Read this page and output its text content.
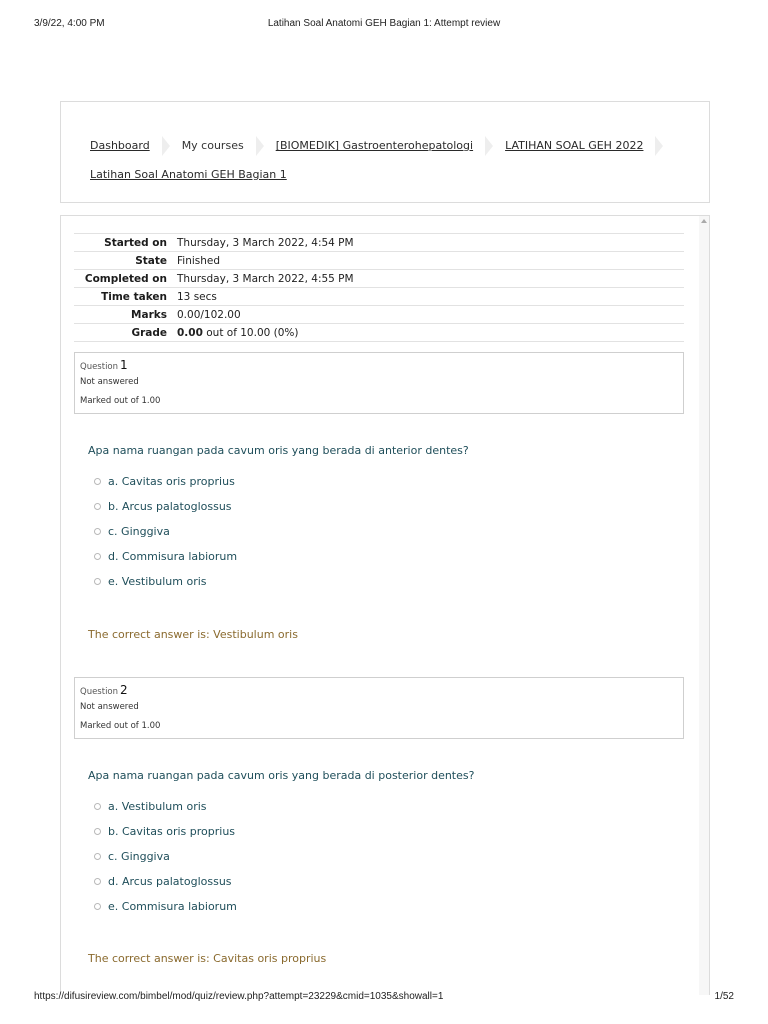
3/9/22, 4:00 PM	Latihan Soal Anatomi GEH Bagian 1: Attempt review
Dashboard	My courses	[BIOMEDIK] Gastroenterohepatologi	LATIHAN SOAL GEH 2022
Latihan Soal Anatomi GEH Bagian 1
Started on	Thursday, 3 March 2022, 4:54 PM
State	Finished
Completed on	Thursday, 3 March 2022, 4:55 PM
Time taken	13 secs
Marks	0.00/102.00
Grade	0.00 out of 10.00 (0%)
Question 1
Not answered
Marked out of 1.00
Apa nama ruangan pada cavum oris yang berada di anterior dentes?
a. Cavitas oris proprius
b. Arcus palatoglossus
c. Ginggiva
d. Commisura labiorum
e. Vestibulum oris
The correct answer is: Vestibulum oris
Question 2
Not answered
Marked out of 1.00
Apa nama ruangan pada cavum oris yang berada di posterior dentes?
a. Vestibulum oris
b. Cavitas oris proprius
c. Ginggiva
d. Arcus palatoglossus
e. Commisura labiorum
The correct answer is: Cavitas oris proprius
https://difusireview.com/bimbel/mod/quiz/review.php?attempt=23229&cmid=1035&showall=1	1/52
